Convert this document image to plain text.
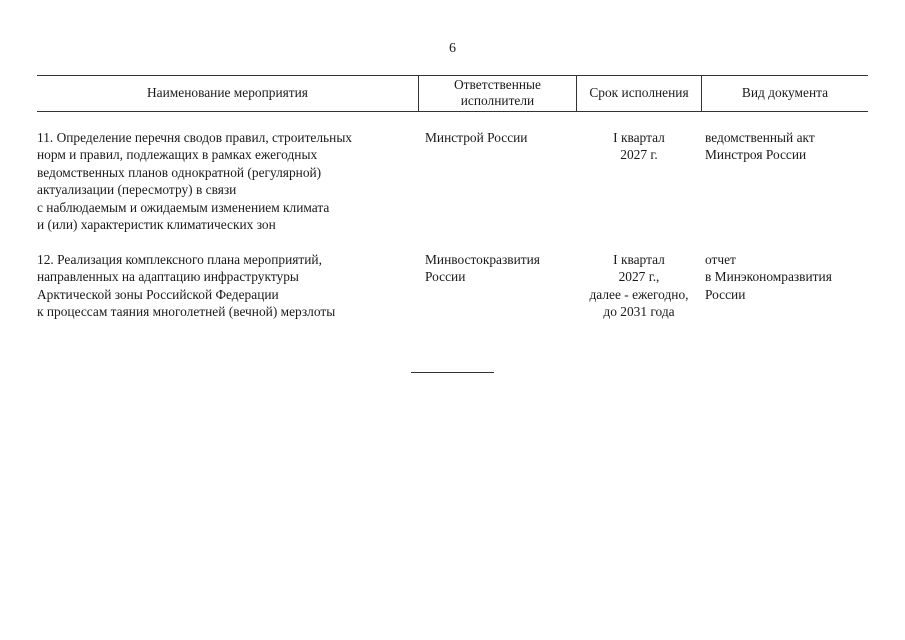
6
Наименование мероприятия
Ответственные
исполнители
Срок исполнения	Вид документа
11. Определение перечня сводов правил, строительных
норм и правил, подлежащих в рамках ежегодных
ведомственных планов однократной (регулярной)
актуализации (пересмотру) в связи
с наблюдаемым и ожидаемым изменением климата
и (или) характеристик климатических зон
Минстрой России	I квартал
2027 г.
ведомственный акт
Минстроя России
12. Реализация комплексного плана мероприятий,
направленных на адаптацию инфраструктуры
Арктической зоны Российской Федерации
к процессам таяния многолетней (вечной) мерзлоты
Минвостокразвития
России
I квартал
2027 г.,
далее - ежегодно,
до 2031 года
отчет
в Минэкономразвития
России
